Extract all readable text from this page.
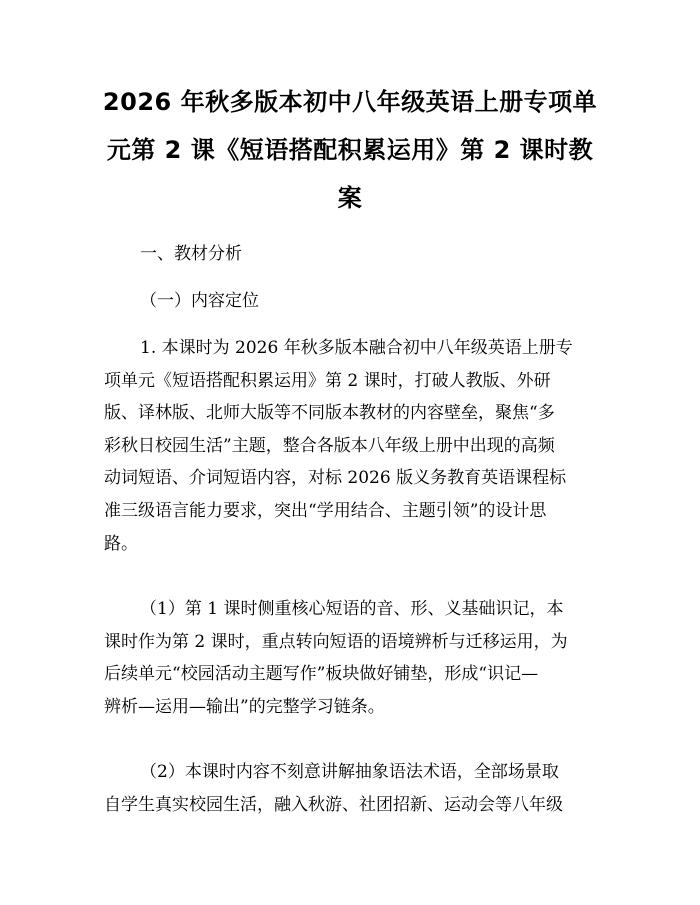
2026 年秋多版本初中八年级英语上册专项单
元第 2 课《短语搭配积累运用》第 2 课时教
案

一、教材分析

（一）内容定位

1. 本课时为 2026 年秋多版本融合初中八年级英语上册专
项单元《短语搭配积累运用》第 2 课时，打破人教版、外研
版、译林版、北师大版等不同版本教材的内容壁垒，聚焦“多
彩秋日校园生活”主题，整合各版本八年级上册中出现的高频
动词短语、介词短语内容，对标 2026 版义务教育英语课程标
准三级语言能力要求，突出“学用结合、主题引领”的设计思
路。

（1）第 1 课时侧重核心短语的音、形、义基础识记，本
课时作为第 2 课时，重点转向短语的语境辨析与迁移运用，为
后续单元“校园活动主题写作”板块做好铺垫，形成“识记—
辨析—运用—输出”的完整学习链条。

（2）本课时内容不刻意讲解抽象语法术语，全部场景取
自学生真实校园生活，融入秋游、社团招新、运动会等八年级
